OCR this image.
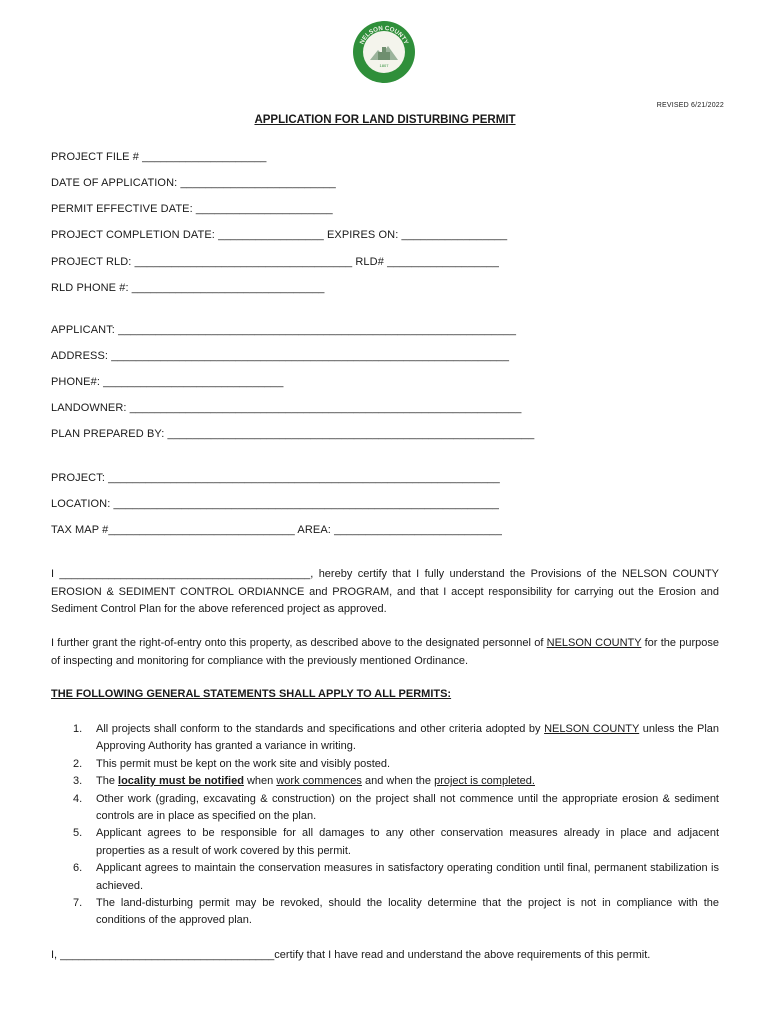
NELSON COUNTY
VIRGINIA
1807
REVISED 6/21/2022
APPLICATION FOR LAND DISTURBING PERMIT
PROJECT FILE # ____________________
DATE OF APPLICATION: _________________________
PERMIT EFFECTIVE DATE: ______________________
PROJECT COMPLETION DATE: _________________ EXPIRES ON: _________________
PROJECT RLD: ___________________________________ RLD# __________________
RLD PHONE #: _______________________________
APPLICANT: ________________________________________________________________
ADDRESS: ________________________________________________________________
PHONE#: _____________________________
LANDOWNER: _______________________________________________________________
PLAN PREPARED BY: ___________________________________________________________
PROJECT: _______________________________________________________________
LOCATION: ______________________________________________________________
TAX MAP #______________________________ AREA: ___________________________
I _________________________________________, hereby certify that I fully understand the Provisions of the NELSON COUNTY EROSION & SEDIMENT CONTROL ORDIANNCE and PROGRAM, and that I accept responsibility for carrying out the Erosion and Sediment Control Plan for the above referenced project as approved.
I further grant the right-of-entry onto this property, as described above to the designated personnel of NELSON COUNTY for the purpose of inspecting and monitoring for compliance with the previously mentioned Ordinance.
THE FOLLOWING GENERAL STATEMENTS SHALL APPLY TO ALL PERMITS:
1. All projects shall conform to the standards and specifications and other criteria adopted by NELSON COUNTY unless the Plan Approving Authority has granted a variance in writing.
2. This permit must be kept on the work site and visibly posted.
3. The locality must be notified when work commences and when the project is completed.
4. Other work (grading, excavating & construction) on the project shall not commence until the appropriate erosion & sediment controls are in place as specified on the plan.
5. Applicant agrees to be responsible for all damages to any other conservation measures already in place and adjacent properties as a result of work covered by this permit.
6. Applicant agrees to maintain the conservation measures in satisfactory operating condition until final, permanent stabilization is achieved.
7. The land-disturbing permit may be revoked, should the locality determine that the project is not in compliance with the conditions of the approved plan.
I, ___________________________________certify that I have read and understand the above requirements of this permit.
